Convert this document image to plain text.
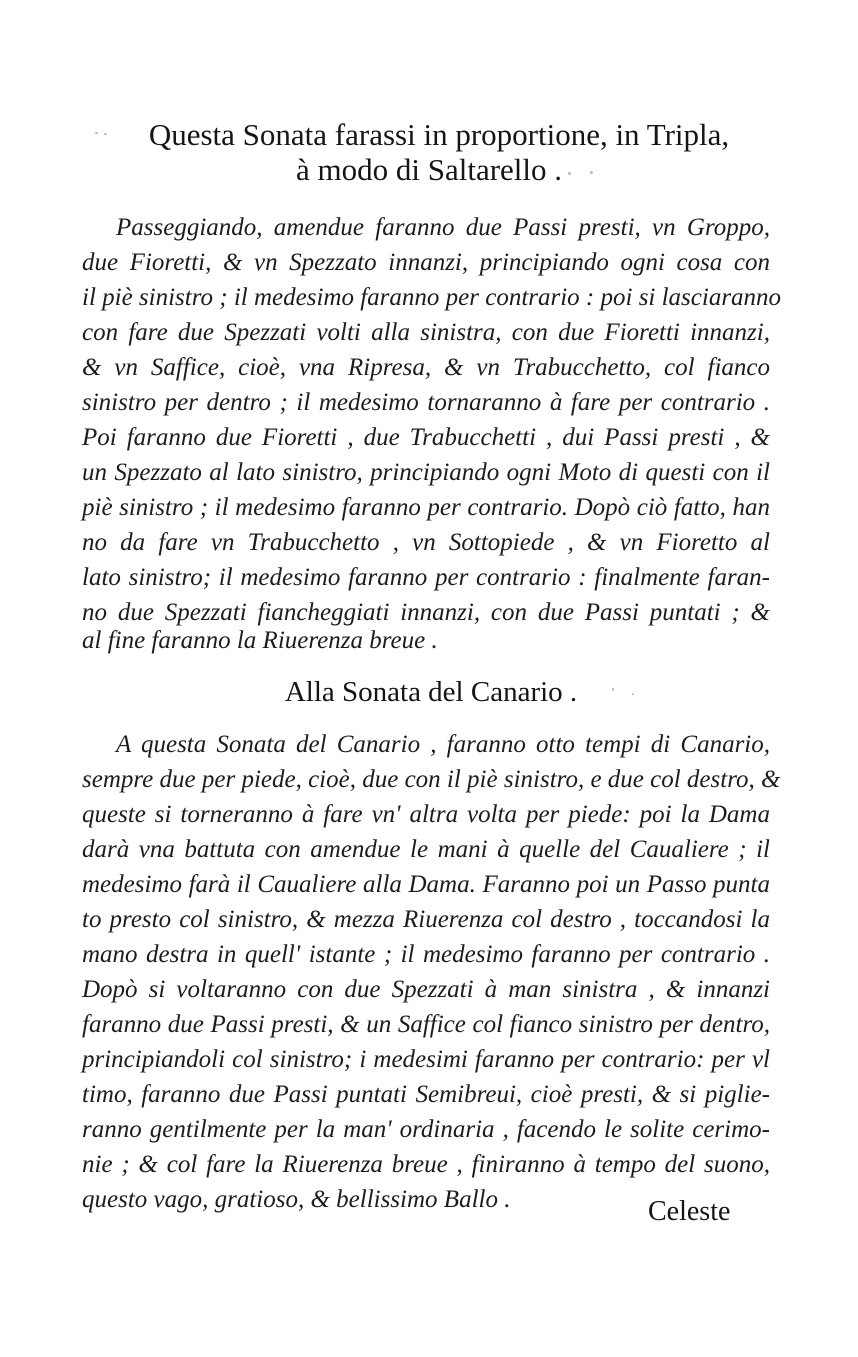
Questa Sonata farassi in proportione, in Tripla,
à modo di Saltarello .
Passeggiando, amendue faranno due Passi presti, vn Groppo,
due Fioretti, & vn Spezzato innanzi, principiando ogni cosa con
il piè sinistro ; il medesimo faranno per contrario : poi si lasciaranno
con fare due Spezzati volti alla sinistra, con due Fioretti innanzi,
& vn Saffice, cioè, vna Ripresa, & vn Trabucchetto, col fianco
sinistro per dentro ; il medesimo tornaranno à fare per contrario .
Poi faranno due Fioretti , due Trabucchetti , dui Passi presti , &
un Spezzato al lato sinistro, principiando ogni Moto di questi con il
piè sinistro ; il medesimo faranno per contrario. Dopò ciò fatto, han
no da fare vn Trabucchetto , vn Sottopiede , & vn Fioretto al
lato sinistro; il medesimo faranno per contrario : finalmente faran-
no due Spezzati fiancheggiati innanzi, con due Passi puntati ; &
al fine faranno la Riuerenza breue .
Alla Sonata del Canario .
A questa Sonata del Canario , faranno otto tempi di Canario,
sempre due per piede, cioè, due con il piè sinistro, e due col destro, &
queste si torneranno à fare vn' altra volta per piede: poi la Dama
darà vna battuta con amendue le mani à quelle del Caualiere ; il
medesimo farà il Caualiere alla Dama. Faranno poi un Passo punta
to presto col sinistro, & mezza Riuerenza col destro , toccandosi la
mano destra in quell' istante ; il medesimo faranno per contrario .
Dopò si voltaranno con due Spezzati à man sinistra , & innanzi
faranno due Passi presti, & un Saffice col fianco sinistro per dentro,
principiandoli col sinistro; i medesimi faranno per contrario: per vl
timo, faranno due Passi puntati Semibreui, cioè presti, & si piglie-
ranno gentilmente per la man' ordinaria , facendo le solite cerimo-
nie ; & col fare la Riuerenza breue , finiranno à tempo del suono,
questo vago, gratioso, & bellissimo Ballo .	Celeste
